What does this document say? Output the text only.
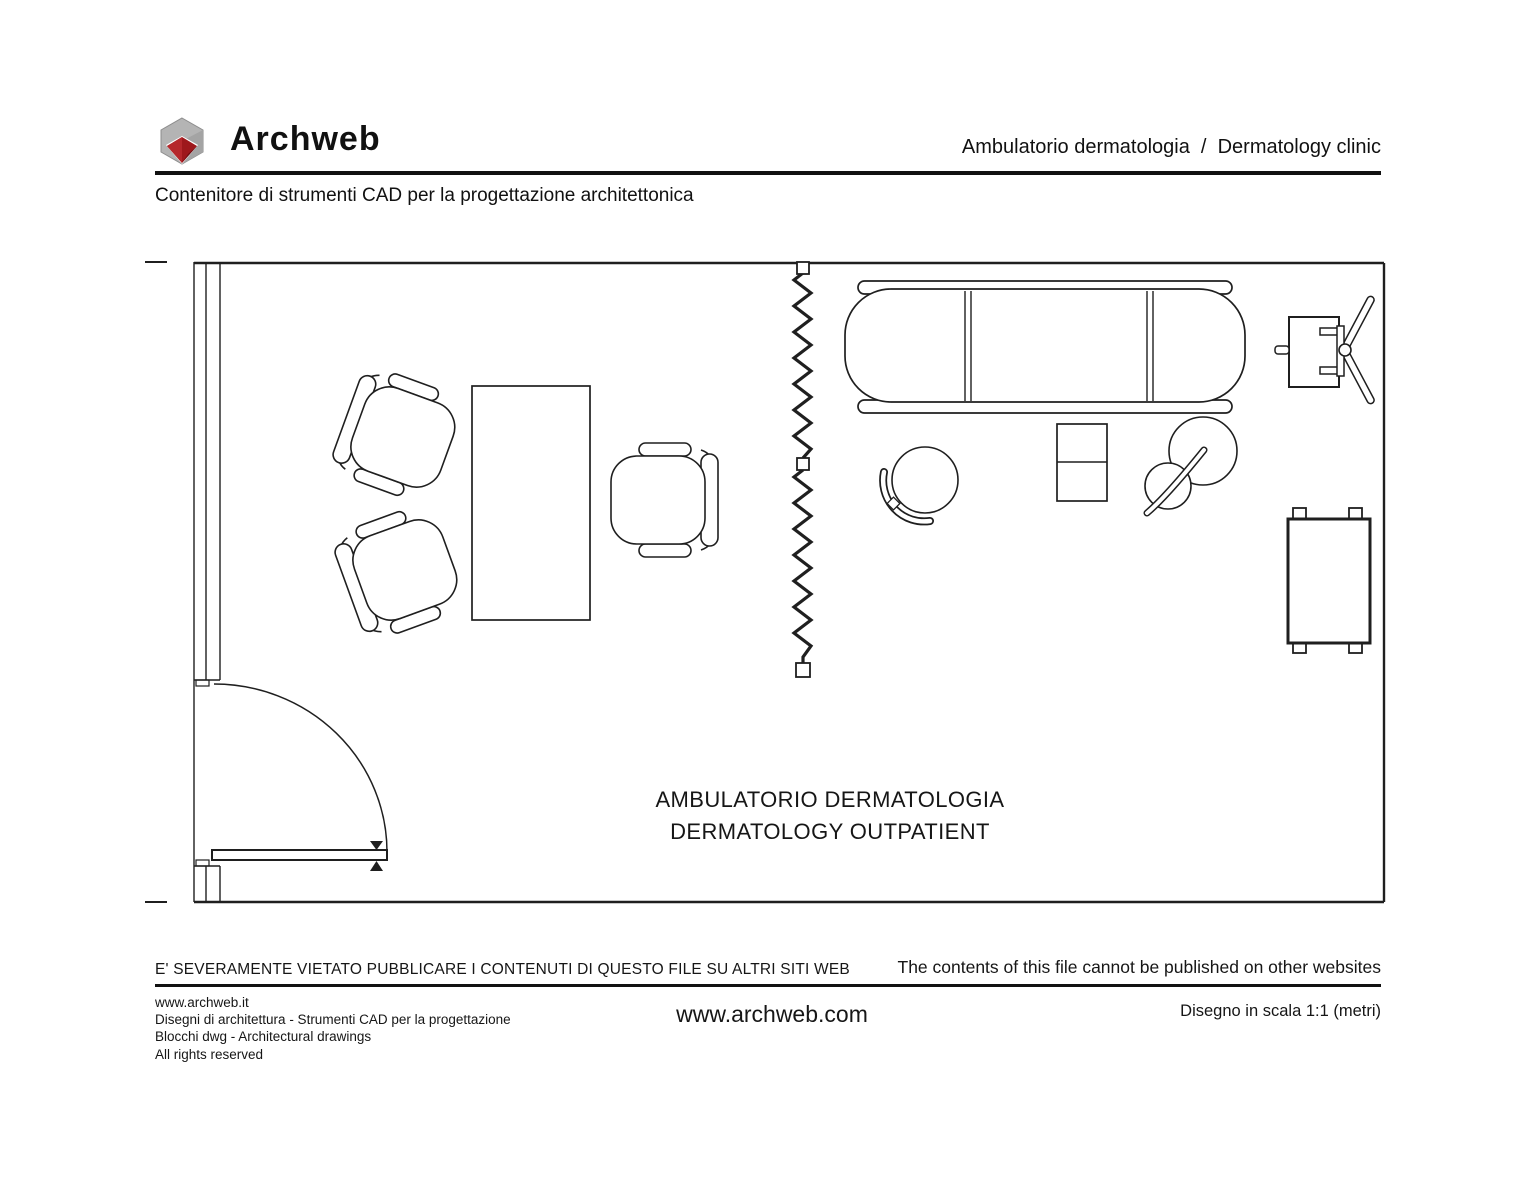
Archweb	Ambulatorio dermatologia  /  Dermatology clinic
Contenitore di strumenti CAD per la progettazione architettonica
AMBULATORIO DERMATOLOGIA
DERMATOLOGY OUTPATIENT
E' SEVERAMENTE VIETATO PUBBLICARE I CONTENUTI DI QUESTO FILE SU ALTRI SITI WEB	The contents of this file cannot be published on other websites
www.archweb.it
Disegni di architettura - Strumenti CAD per la progettazione
Blocchi dwg - Architectural drawings
All rights reserved
www.archweb.com	Disegno in scala 1:1 (metri)
